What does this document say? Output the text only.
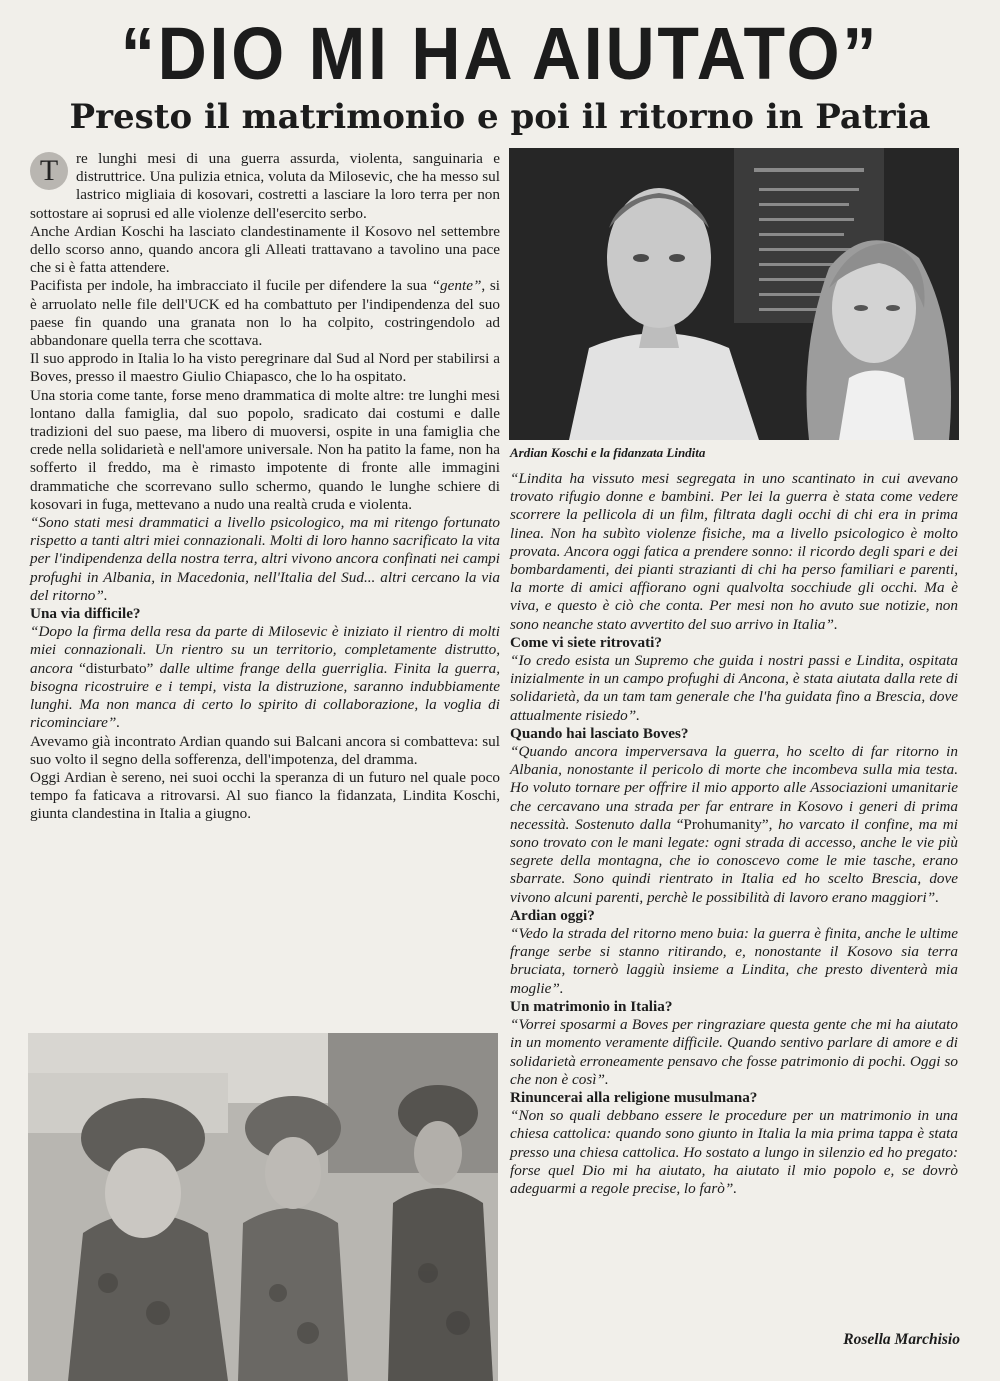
“DIO MI HA AIUTATO”
Presto il matrimonio e poi il ritorno in Patria

T	re lunghi mesi di una guerra assurda, violenta, sanguinaria e distruttrice. Una pulizia etnica, voluta da Milosevic, che ha messo sul lastrico migliaia di kosovari, costretti a lasciare la loro terra per non sottostare ai soprusi ed alle violenze dell'esercito serbo.

Anche Ardian Koschi ha lasciato clandestinamente il Kosovo nel settembre dello scorso anno, quando ancora gli Alleati trattavano a tavolino una pace che si è fatta attendere.

Pacifista per indole, ha imbracciato il fucile per difendere la sua “gente”, si è arruolato nelle file dell'UCK ed ha combattuto per l'indipendenza del suo paese fin quando una granata non lo ha colpito, costringendolo ad abbandonare quella terra che scottava.

Il suo approdo in Italia lo ha visto peregrinare dal Sud al Nord per stabilirsi a Boves, presso il maestro Giulio Chiapasco, che lo ha ospitato.

Una storia come tante, forse meno drammatica di molte altre: tre lunghi mesi lontano dalla famiglia, dal suo popolo, sradicato dai costumi e dalle tradizioni del suo paese, ma libero di muoversi, ospite in una famiglia che crede nella solidarietà e nell'amore universale. Non ha patito la fame, non ha sofferto il freddo, ma è rimasto impotente di fronte alle immagini drammatiche che scorrevano sullo schermo, quando le lunghe schiere di kosovari in fuga, mettevano a nudo una realtà cruda e violenta.

“Sono stati mesi drammatici a livello psicologico, ma mi ritengo fortunato rispetto a tanti altri miei connazionali. Molti di loro hanno sacrificato la vita per l'indipendenza della nostra terra, altri vivono ancora confinati nei campi profughi in Albania, in Macedonia, nell'Italia del Sud... altri cercano la via del ritorno”.

Una via difficile?

“Dopo la firma della resa da parte di Milosevic è iniziato il rientro di molti miei connazionali. Un rientro su un territorio, completamente distrutto, ancora “disturbato” dalle ultime frange della guerriglia. Finita la guerra, bisogna ricostruire e i tempi, vista la distruzione, saranno indubbiamente lunghi. Ma non manca di certo lo spirito di collaborazione, la voglia di ricominciare”.

Avevamo già incontrato Ardian quando sui Balcani ancora si combatteva: sul suo volto il segno della sofferenza, dell'impotenza, del dramma.

Oggi Ardian è sereno, nei suoi occhi la speranza di un futuro nel quale poco tempo fa faticava a ritrovarsi. Al suo fianco la fidanzata, Lindita Koschi, giunta clandestina in Italia a giugno.

Ardian Koschi e la fidanzata Lindita

“Lindita ha vissuto mesi segregata in uno scantinato in cui avevano trovato rifugio donne e bambini. Per lei la guerra è stata come vedere scorrere la pellicola di un film, filtrata dagli occhi di chi era in prima linea. Non ha subìto violenze fisiche, ma a livello psicologico è molto provata. Ancora oggi fatica a prendere sonno: il ricordo degli spari e dei bombardamenti, dei pianti strazianti di chi ha perso familiari e parenti, la morte di amici affiorano ogni qualvolta socchiude gli occhi. Ma è viva, e questo è ciò che conta. Per mesi non ho avuto sue notizie, non sono neanche stato avvertito del suo arrivo in Italia”.

Come vi siete ritrovati?

“Io credo esista un Supremo che guida i nostri passi e Lindita, ospitata inizialmente in un campo profughi di Ancona, è stata aiutata dalla rete di solidarietà, da un tam tam generale che l'ha guidata fino a Brescia, dove attualmente risiedo”.

Quando hai lasciato Boves?

“Quando ancora imperversava la guerra, ho scelto di far ritorno in Albania, nonostante il pericolo di morte che incombeva sulla mia testa. Ho voluto tornare per offrire il mio apporto alle Associazioni umanitarie che cercavano una strada per far entrare in Kosovo i generi di prima necessità. Sostenuto dalla “Prohumanity”, ho varcato il confine, ma mi sono trovato con le mani legate: ogni strada di accesso, anche le vie più segrete della montagna, che io conoscevo come le mie tasche, erano sbarrate. Sono quindi rientrato in Italia ed ho scelto Brescia, dove vivono alcuni parenti, perchè le possibilità di lavoro erano maggiori”.

Ardian oggi?

“Vedo la strada del ritorno meno buia: la guerra è finita, anche le ultime frange serbe si stanno ritirando, e, nonostante il Kosovo sia terra bruciata, tornerò laggiù insieme a Lindita, che presto diventerà mia moglie”.

Un matrimonio in Italia?

“Vorrei sposarmi a Boves per ringraziare questa gente che mi ha aiutato in un momento veramente difficile. Quando sentivo parlare di amore e di solidarietà erroneamente pensavo che fosse patrimonio di pochi. Oggi so che non è così”.

Rinuncerai alla religione musulmana?

“Non so quali debbano essere le procedure per un matrimonio in una chiesa cattolica: quando sono giunto in Italia la mia prima tappa è stata presso una chiesa cattolica. Ho sostato a lungo in silenzio ed ho pregato: forse quel Dio mi ha aiutato, ha aiutato il mio popolo e, se dovrò adeguarmi a regole precise, lo farò”.

Rosella Marchisio
